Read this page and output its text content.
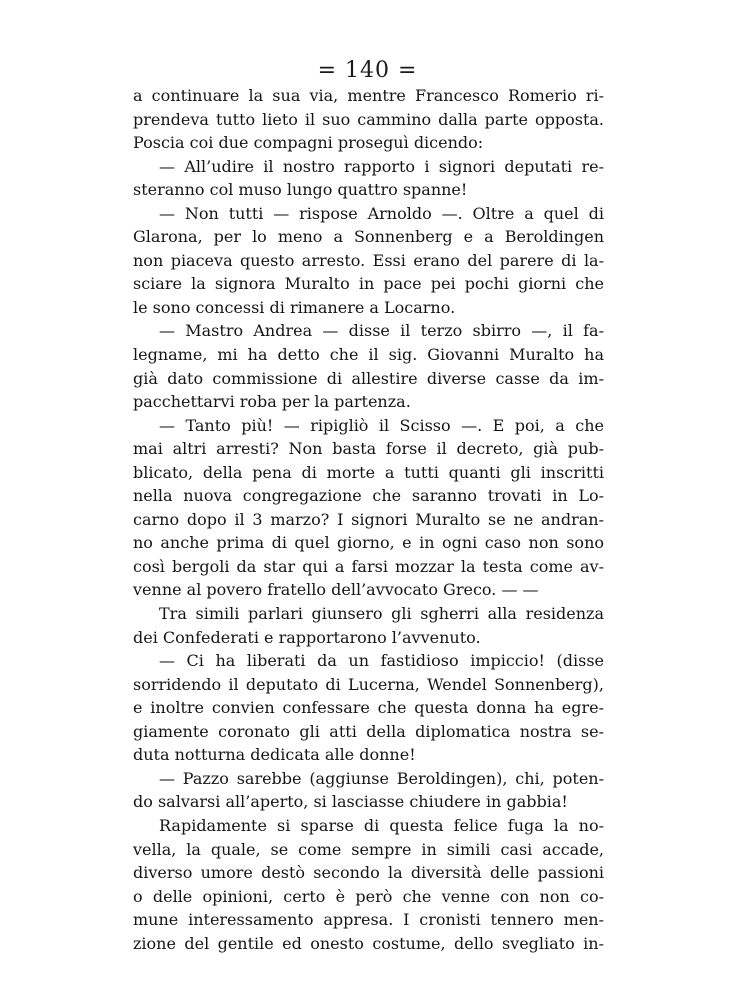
= 140 =
a continuare la sua via, mentre Francesco Romerio ri-
prendeva tutto lieto il suo cammino dalla parte opposta.
Poscia coi due compagni proseguì dicendo:
— All’udire il nostro rapporto i signori deputati re-
steranno col muso lungo quattro spanne!
— Non tutti — rispose Arnoldo —. Oltre a quel di
Glarona, per lo meno a Sonnenberg e a Beroldingen
non piaceva questo arresto. Essi erano del parere di la-
sciare la signora Muralto in pace pei pochi giorni che
le sono concessi di rimanere a Locarno.
— Mastro Andrea — disse il terzo sbirro —, il fa-
legname, mi ha detto che il sig. Giovanni Muralto ha
già dato commissione di allestire diverse casse da im-
pacchettarvi roba per la partenza.
— Tanto più! — ripigliò il Scisso —. E poi, a che
mai altri arresti? Non basta forse il decreto, già pub-
blicato, della pena di morte a tutti quanti gli inscritti
nella nuova congregazione che saranno trovati in Lo-
carno dopo il 3 marzo? I signori Muralto se ne andran-
no anche prima di quel giorno, e in ogni caso non sono
così bergoli da star qui a farsi mozzar la testa come av-
venne al povero fratello dell’avvocato Greco. — —
Tra simili parlari giunsero gli sgherri alla residenza
dei Confederati e rapportarono l’avvenuto.
— Ci ha liberati da un fastidioso impiccio! (disse
sorridendo il deputato di Lucerna, Wendel Sonnenberg),
e inoltre convien confessare che questa donna ha egre-
giamente coronato gli atti della diplomatica nostra se-
duta notturna dedicata alle donne!
— Pazzo sarebbe (aggiunse Beroldingen), chi, poten-
do salvarsi all’aperto, si lasciasse chiudere in gabbia!
Rapidamente si sparse di questa felice fuga la no-
vella, la quale, se come sempre in simili casi accade,
diverso umore destò secondo la diversità delle passioni
o delle opinioni, certo è però che venne con non co-
mune interessamento appresa. I cronisti tennero men-
zione del gentile ed onesto costume, dello svegliato in-
